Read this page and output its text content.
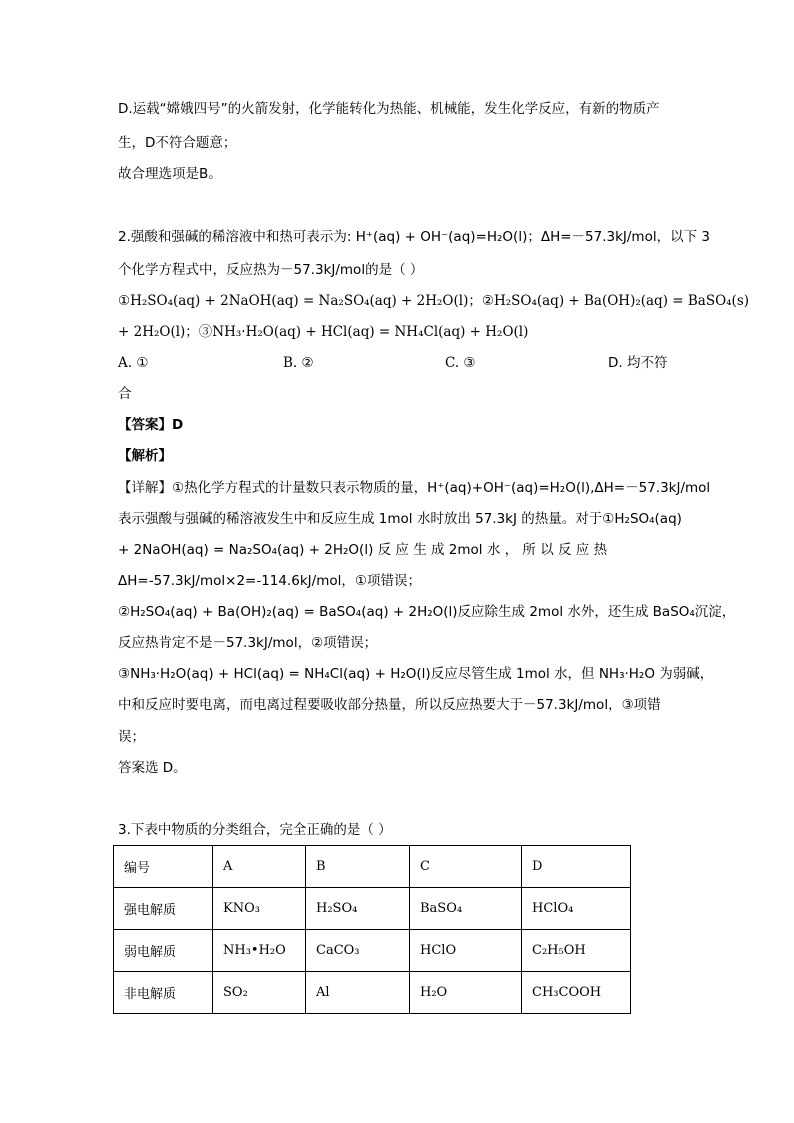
D.运载“嫦娥四号”的火箭发射，化学能转化为热能、机械能，发生化学反应，有新的物质产
生，D不符合题意；
故合理选项是B。
2.强酸和强碱的稀溶液中和热可表示为: H⁺(aq) + OH⁻(aq)=H₂O(l)；ΔH=－57.3kJ/mol，以下 3
个化学方程式中，反应热为－57.3kJ/mol的是（ ）
①H₂SO₄(aq) + 2NaOH(aq) = Na₂SO₄(aq) + 2H₂O(l)；②H₂SO₄(aq) + Ba(OH)₂(aq) = BaSO₄(s)
+ 2H₂O(l)；③NH₃·H₂O(aq) + HCl(aq) = NH₄Cl(aq) + H₂O(l)
A. ①	B. ②	C. ③	D. 均不符
合
【答案】D
【解析】
【详解】①热化学方程式的计量数只表示物质的量，H⁺(aq)+OH⁻(aq)=H₂O(l),ΔH=－57.3kJ/mol
表示强酸与强碱的稀溶液发生中和反应生成 1mol 水时放出 57.3kJ 的热量。对于①H₂SO₄(aq)
+ 2NaOH(aq) = Na₂SO₄(aq) + 2H₂O(l) 反 应 生 成 2mol 水 ， 所 以 反 应 热
ΔH=-57.3kJ/mol×2=-114.6kJ/mol，①项错误；
②H₂SO₄(aq) + Ba(OH)₂(aq) = BaSO₄(aq) + 2H₂O(l)反应除生成 2mol 水外，还生成 BaSO₄沉淀，
反应热肯定不是－57.3kJ/mol，②项错误；
③NH₃·H₂O(aq) + HCl(aq) = NH₄Cl(aq) + H₂O(l)反应尽管生成 1mol 水，但 NH₃·H₂O 为弱碱，
中和反应时要电离，而电离过程要吸收部分热量，所以反应热要大于－57.3kJ/mol，③项错
误；
答案选 D。
3.下表中物质的分类组合，完全正确的是（ ）
编号	A	B	C	D
强电解质	KNO₃	H₂SO₄	BaSO₄	HClO₄
弱电解质	NH₃•H₂O	CaCO₃	HClO	C₂H₅OH
非电解质	SO₂	Al	H₂O	CH₃COOH
